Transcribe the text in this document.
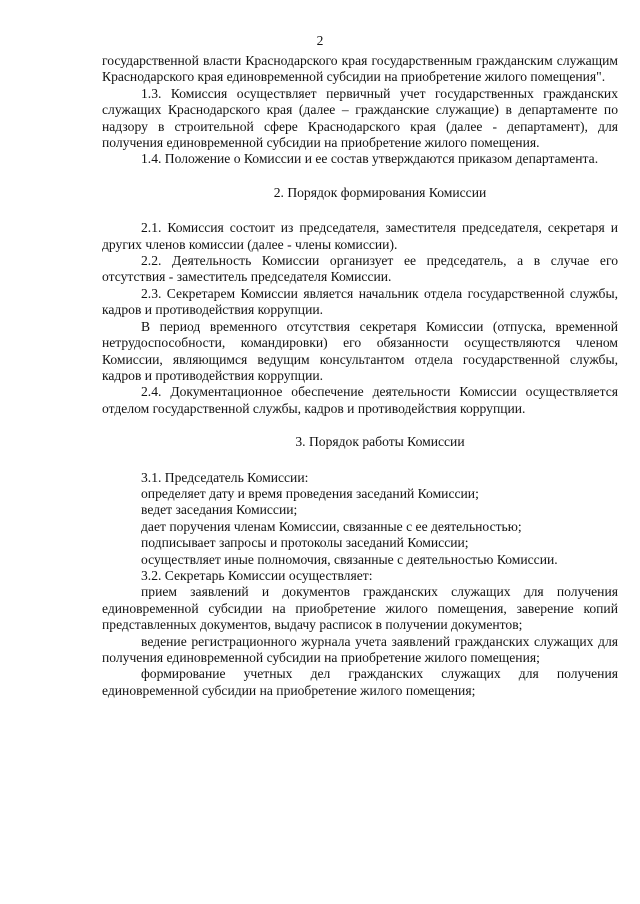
2

государственной власти Краснодарского края государственным гражданским служащим Краснодарского края единовременной субсидии на приобретение жилого помещения".

1.3. Комиссия осуществляет первичный учет государственных гражданских служащих Краснодарского края (далее – гражданские служащие) в департаменте по надзору в строительной сфере Краснодарского края (далее - департамент), для получения единовременной субсидии на приобретение жилого помещения.

1.4. Положение о Комиссии и ее состав утверждаются приказом департамента.

2. Порядок формирования Комиссии

2.1. Комиссия состоит из председателя, заместителя председателя, секретаря и других членов комиссии (далее - члены комиссии).

2.2. Деятельность Комиссии организует ее председатель, а в случае его отсутствия - заместитель председателя Комиссии.

2.3. Секретарем Комиссии является начальник отдела государственной службы, кадров и противодействия коррупции.

В период временного отсутствия секретаря Комиссии (отпуска, временной нетрудоспособности, командировки) его обязанности осуществляются членом Комиссии, являющимся ведущим консультантом отдела государственной службы, кадров и противодействия коррупции.

2.4. Документационное обеспечение деятельности Комиссии осуществляется отделом государственной службы, кадров и противодействия коррупции.

3. Порядок работы Комиссии

3.1. Председатель Комиссии:

определяет дату и время проведения заседаний Комиссии;

ведет заседания Комиссии;

дает поручения членам Комиссии, связанные с ее деятельностью;

подписывает запросы и протоколы заседаний Комиссии;

осуществляет иные полномочия, связанные с деятельностью Комиссии.

3.2. Секретарь Комиссии осуществляет:

прием заявлений и документов гражданских служащих для получения единовременной субсидии на приобретение жилого помещения, заверение копий представленных документов, выдачу расписок в получении документов;

ведение регистрационного журнала учета заявлений гражданских служащих для получения единовременной субсидии на приобретение жилого помещения;

формирование учетных дел гражданских служащих для получения единовременной субсидии на приобретение жилого помещения;
